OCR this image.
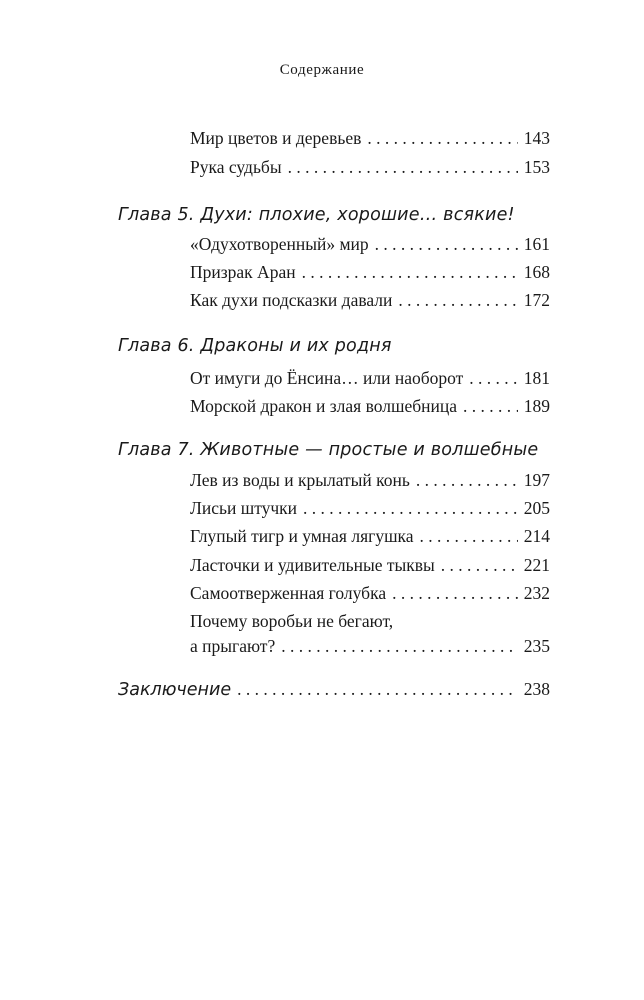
Содержание
Мир цветов и деревьев . . .	143
Рука судьбы . . .	153
Глава 5. Духи: плохие, хорошие… всякие!
«Одухотворенный» мир . . .	161
Призрак Аран . . .	168
Как духи подсказки давали . . .	172
Глава 6. Драконы и их родня
От имуги до Ёнсина… или наоборот . . .	181
Морской дракон и злая волшебница . . .	189
Глава 7. Животные — простые и волшебные
Лев из воды и крылатый конь . . .	197
Лисьи штучки . . .	205
Глупый тигр и умная лягушка . . .	214
Ласточки и удивительные тыквы . . .	221
Самоотверженная голубка . . .	232
Почему воробьи не бегают,
а прыгают? . . .	235
Заключение . . .	238
